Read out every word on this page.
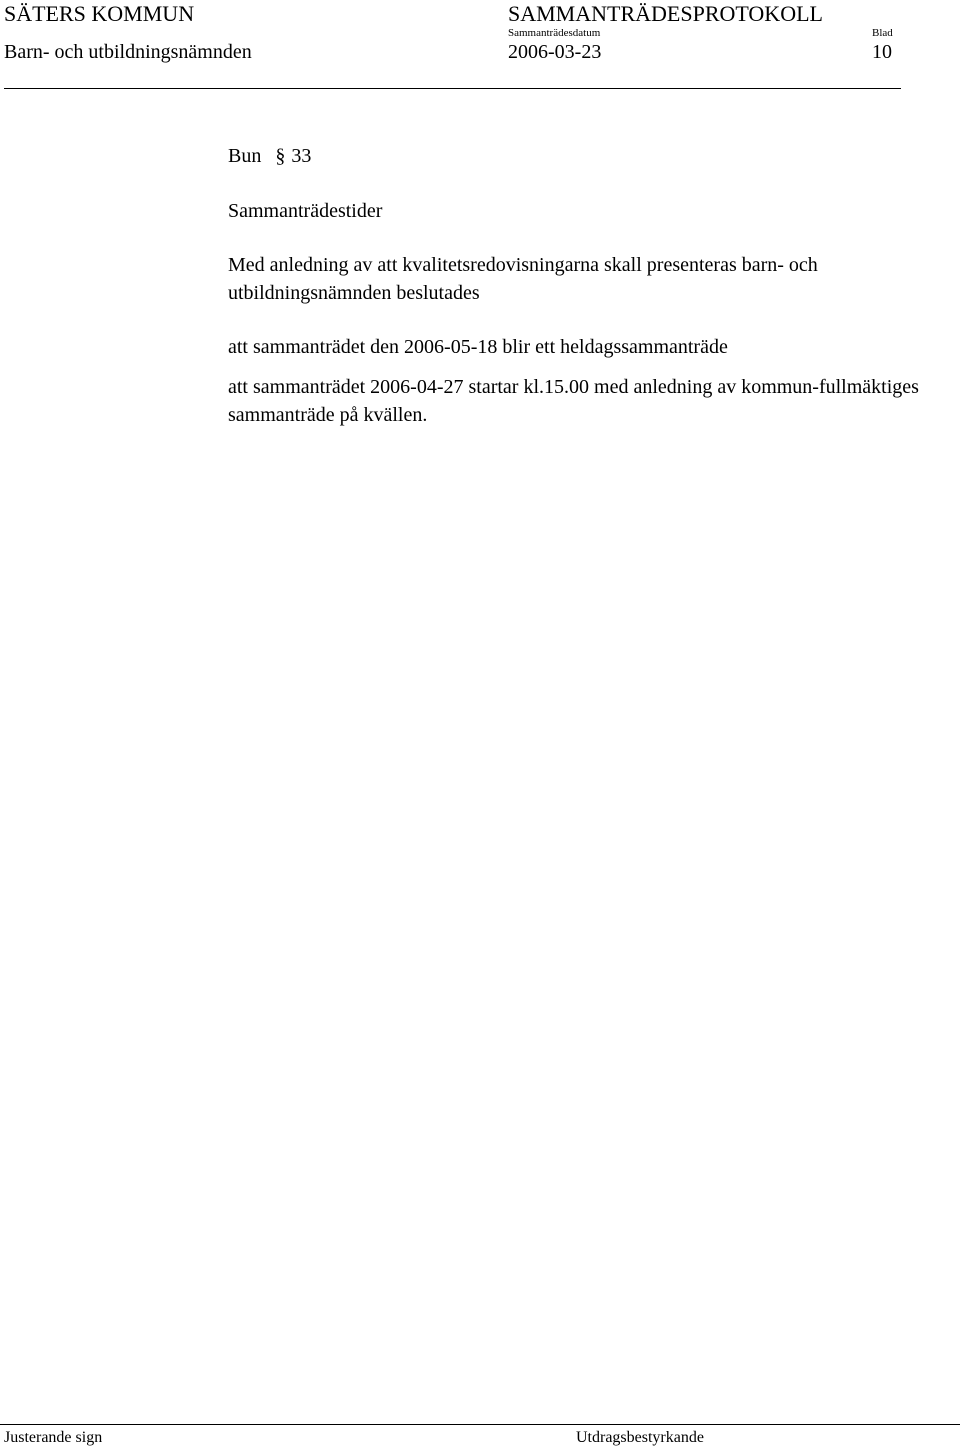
SÄTERS KOMMUN	SAMMANTRÄDESPROTOKOLL
Sammanträdesdatum	Blad
Barn- och utbildningsnämnden	2006-03-23	10
Bun § 33
Sammanträdestider
Med anledning av att kvalitetsredovisningarna skall presenteras barn- och utbildningsnämnden beslutades
att sammanträdet den 2006-05-18 blir ett heldagssammanträde
att sammanträdet 2006-04-27 startar kl.15.00 med anledning av kommun-fullmäktiges sammanträde på kvällen.
Justerande sign	Utdragsbestyrkande
